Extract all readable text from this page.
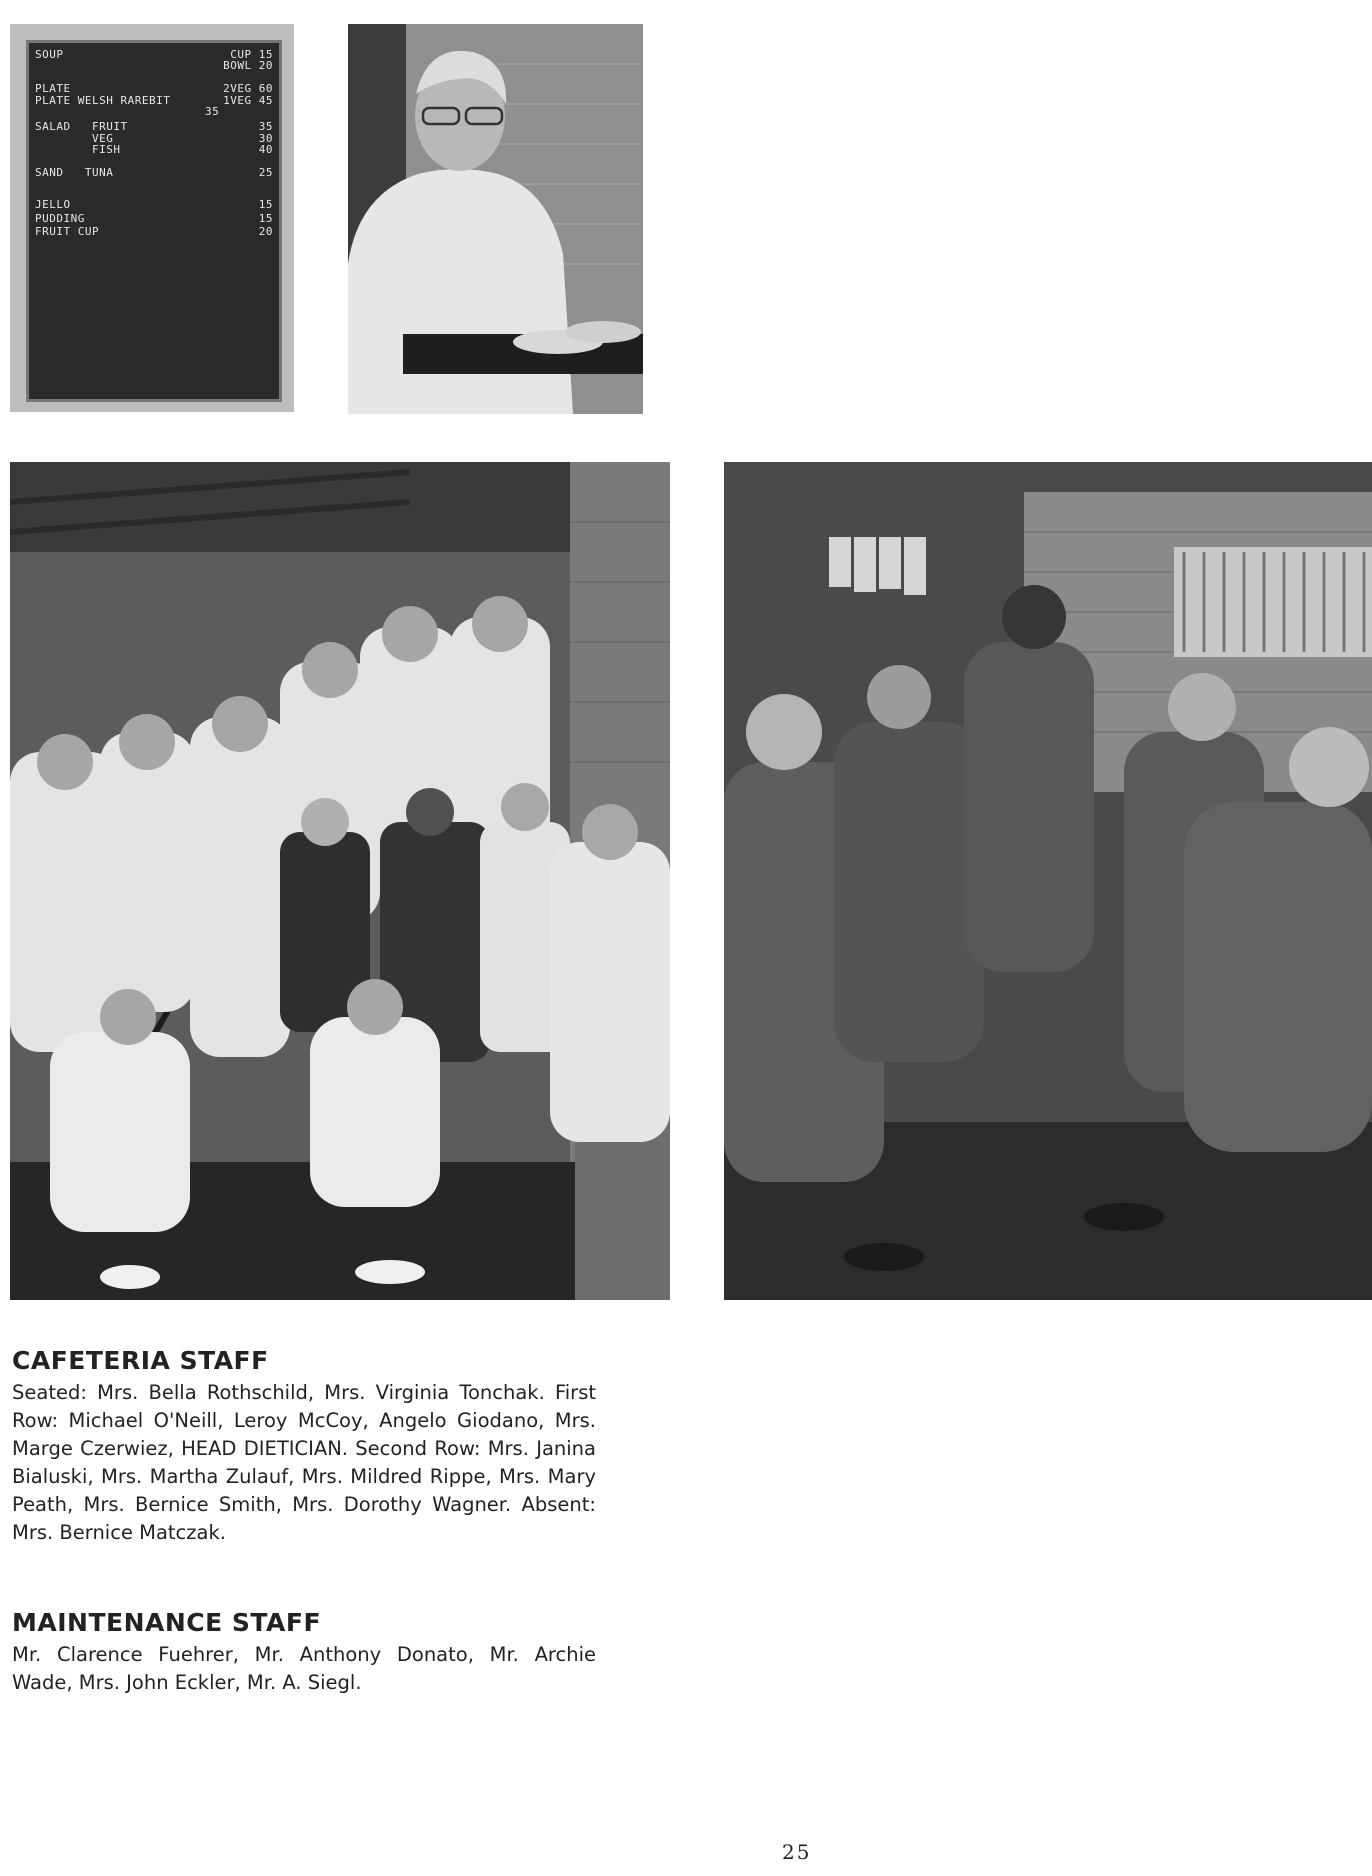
SOUP	CUP 15
BOWL 20
PLATE	2VEG 60
PLATE WELSH RAREBIT	1VEG 45
35
SALAD   FRUIT	35
VEG	30
FISH	40
SAND   TUNA	25
JELLO	15
PUDDING	15
FRUIT CUP	20
CAFETERIA STAFF

Seated: Mrs. Bella Rothschild, Mrs. Virginia Tonchak. First Row: Michael O'Neill, Leroy McCoy, Angelo Giodano, Mrs. Marge Czerwiez, HEAD DIETICIAN. Second Row: Mrs. Janina Bialuski, Mrs. Martha Zulauf, Mrs. Mildred Rippe, Mrs. Mary Peath, Mrs. Bernice Smith, Mrs. Dorothy Wagner. Absent: Mrs. Bernice Matczak.

MAINTENANCE STAFF

Mr. Clarence Fuehrer, Mr. Anthony Donato, Mr. Archie Wade, Mrs. John Eckler, Mr. A. Siegl.

25
